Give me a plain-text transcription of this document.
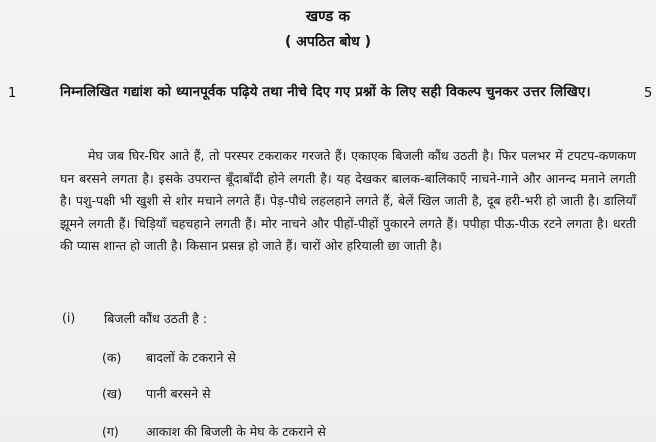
खण्ड क
( अपठित बोध )
1	5
निम्नलिखित गद्यांश को ध्यानपूर्वक पढ़िये तथा नीचे दिए गए प्रश्नों के लिए सही विकल्प चुनकर उत्तर लिखिए।
मेघ जब घिर-घिर आते हैं, तो परस्पर टकराकर गरजते हैं। एकाएक बिजली कौंध उठती है। फिर पलभर में टपटप-कणकण घन बरसने लगता है। इसके उपरान्त बूँदाबाँदी होने लगती है। यह देखकर बालक-बालिकाएँ नाचने-गाने और आनन्द मनाने लगती है। पशु-पक्षी भी खुशी से शोर मचाने लगते हैं। पेड़-पौधे लहलहाने लगते हैं, बेलें खिल जाती है, दूब हरी-भरी हो जाती है। डालियाँ झूमने लगती हैं। चिड़ियाँ चहचहाने लगती हैं। मोर नाचने और पीहों-पीहों पुकारने लगते हैं। पपीहा पीऊ-पीऊ रटने लगता है। धरती की प्यास शान्त हो जाती है। किसान प्रसन्न हो जाते हैं। चारों ओर हरियाली छा जाती है।
(i) बिजली कौंध उठती है :
(क) बादलों के टकराने से
(ख) पानी बरसने से
(ग) आकाश की बिजली के मेघ के टकराने से
